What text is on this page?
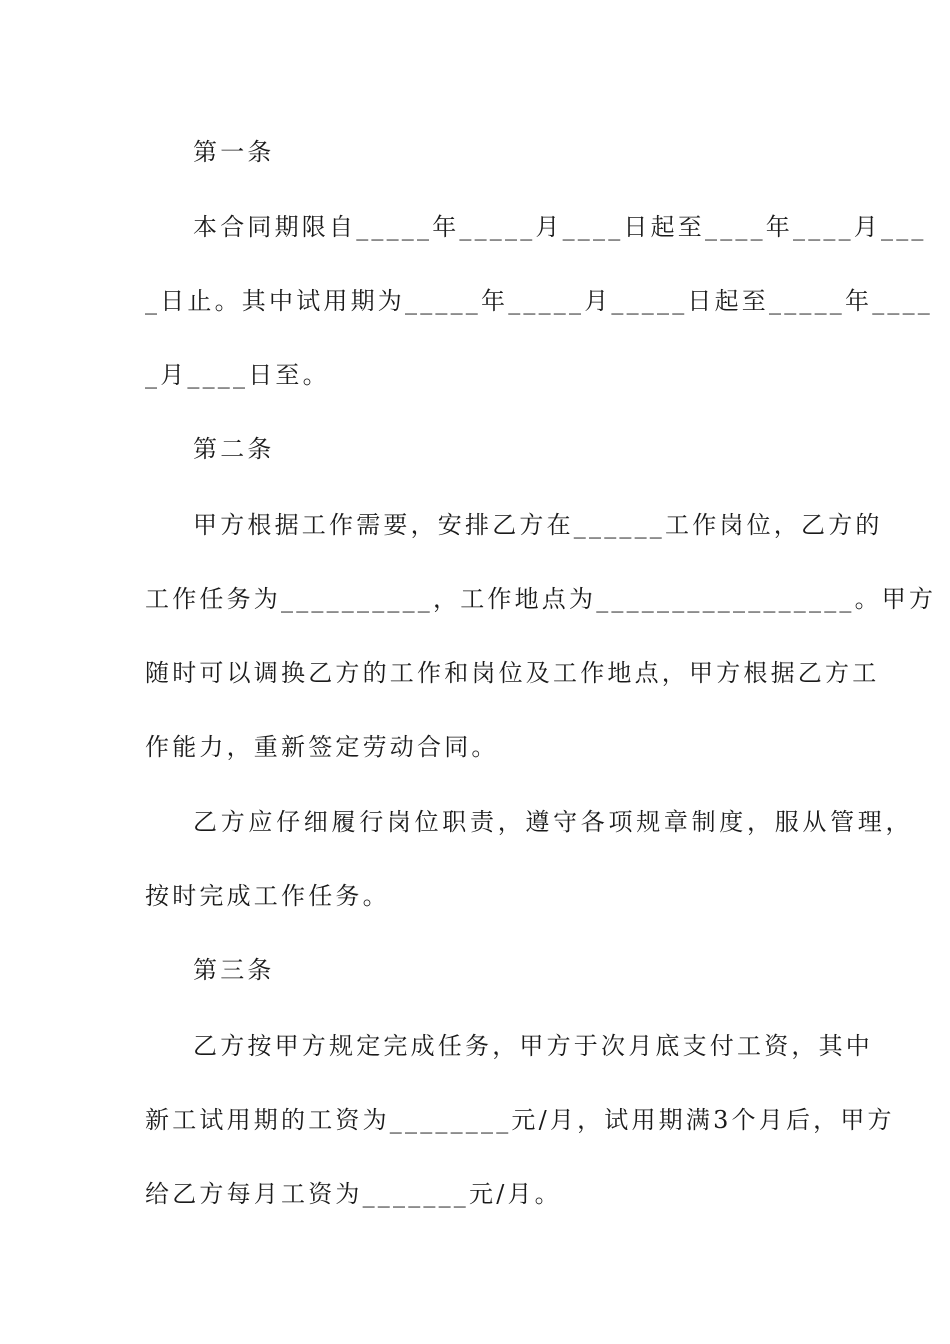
第一条
本合同期限自_____年_____月____日起至____年____月___
_日止。其中试用期为_____年_____月_____日起至_____年____
_月____日至。
第二条
甲方根据工作需要，安排乙方在______工作岗位，乙方的
工作任务为__________，工作地点为_________________。甲方
随时可以调换乙方的工作和岗位及工作地点，甲方根据乙方工
作能力，重新签定劳动合同。
乙方应仔细履行岗位职责，遵守各项规章制度，服从管理，
按时完成工作任务。
第三条
乙方按甲方规定完成任务，甲方于次月底支付工资，其中
新工试用期的工资为________元/月，试用期满3个月后，甲方
给乙方每月工资为_______元/月。
